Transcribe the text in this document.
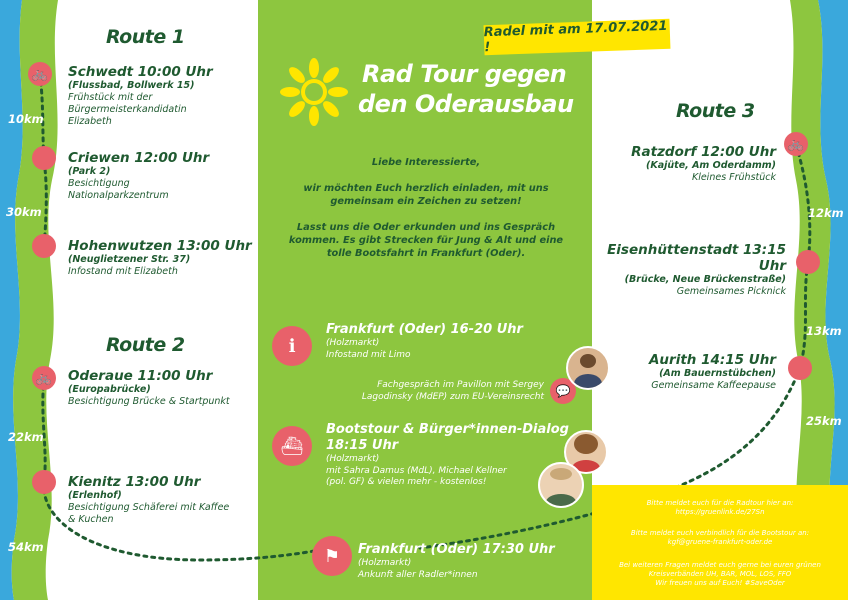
Rad Tour gegen
den Oderausbau
Radel mit am 17.07.2021 !
Liebe Interessierte,
wir möchten Euch herzlich einladen, mit uns
gemeinsam ein Zeichen zu setzen!
Lasst uns die Oder erkunden und ins Gespräch
kommen. Es gibt Strecken für Jung & Alt und eine
tolle Bootsfahrt in Frankfurt (Oder).
Route 1
🚲 Schwedt 10:00 Uhr
(Flussbad, Bollwerk 15)
Frühstück mit der
Bürgermeisterkandidatin
Elizabeth
10km
Criewen 12:00 Uhr
(Park 2)
Besichtigung
Nationalparkzentrum
30km
Hohenwutzen 13:00 Uhr
(Neuglietzener Str. 37)
Infostand mit Elizabeth
Route 2
🚲 Oderaue 11:00 Uhr
(Europabrücke)
Besichtigung Brücke & Startpunkt
22km
Kienitz 13:00 Uhr
(Erlenhof)
Besichtigung Schäferei mit Kaffee
& Kuchen
54km
Route 3
🚲
Ratzdorf 12:00 Uhr
(Kajüte, Am Oderdamm)
Kleines Frühstück
12km
Eisenhüttenstadt 13:15 Uhr
(Brücke, Neue Brückenstraße)
Gemeinsames Picknick
13km
Aurith 14:15 Uhr
(Am Bauernstübchen)
Gemeinsame Kaffeepause
25km
ℹ
Frankfurt (Oder) 16-20 Uhr
(Holzmarkt)
Infostand mit Limo
Fachgespräch im Pavillon mit Sergey
Lagodinsky (MdEP) zum EU-Vereinsrecht 💬
⛴
Bootstour & Bürger*innen-Dialog
18:15 Uhr
(Holzmarkt)
mit Sahra Damus (MdL), Michael Kellner
(pol. GF) & vielen mehr - kostenlos!
⚑	Frankfurt (Oder) 17:30 Uhr
(Holzmarkt)
Ankunft aller Radler*innen

Bitte meldet euch für die Radtour hier an:

https://gruenlink.de/27Sn

Bitte meldet euch verbindlich für die Bootstour an:

kgf@gruene-frankfurt-oder.de

Bei weiteren Fragen meldet euch gerne bei euren grünen

Kreisverbänden UH, BAR, MOL, LOS, FFO

Wir freuen uns auf Euch! #SaveOder
